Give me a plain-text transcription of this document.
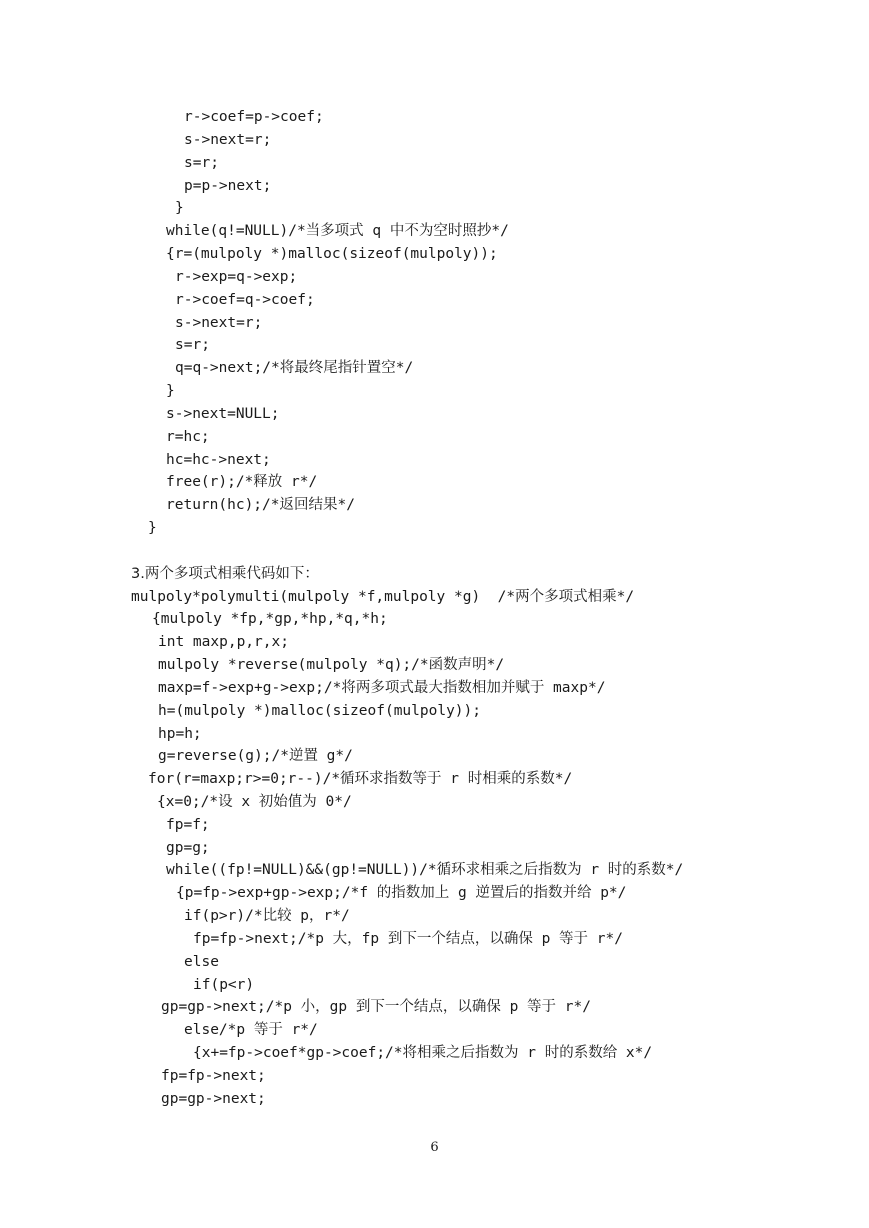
r->coef=p->coef;
s->next=r;
s=r;
p=p->next;
}
while(q!=NULL)/*当多项式 q 中不为空时照抄*/
{r=(mulpoly *)malloc(sizeof(mulpoly));
r->exp=q->exp;
r->coef=q->coef;
s->next=r;
s=r;
q=q->next;/*将最终尾指针置空*/
}
s->next=NULL;
r=hc;
hc=hc->next;
free(r);/*释放 r*/
return(hc);/*返回结果*/
}
3.两个多项式相乘代码如下：
mulpoly*polymulti(mulpoly *f,mulpoly *g)  /*两个多项式相乘*/
{mulpoly *fp,*gp,*hp,*q,*h;
int maxp,p,r,x;
mulpoly *reverse(mulpoly *q);/*函数声明*/
maxp=f->exp+g->exp;/*将两多项式最大指数相加并赋于 maxp*/
h=(mulpoly *)malloc(sizeof(mulpoly));
hp=h;
g=reverse(g);/*逆置 g*/
for(r=maxp;r>=0;r--)/*循环求指数等于 r 时相乘的系数*/
{x=0;/*设 x 初始值为 0*/
fp=f;
gp=g;
while((fp!=NULL)&&(gp!=NULL))/*循环求相乘之后指数为 r 时的系数*/
{p=fp->exp+gp->exp;/*f 的指数加上 g 逆置后的指数并给 p*/
if(p>r)/*比较 p，r*/
fp=fp->next;/*p 大，fp 到下一个结点，以确保 p 等于 r*/
else
if(p<r)
gp=gp->next;/*p 小，gp 到下一个结点，以确保 p 等于 r*/
else/*p 等于 r*/
{x+=fp->coef*gp->coef;/*将相乘之后指数为 r 时的系数给 x*/
fp=fp->next;
gp=gp->next;
6
